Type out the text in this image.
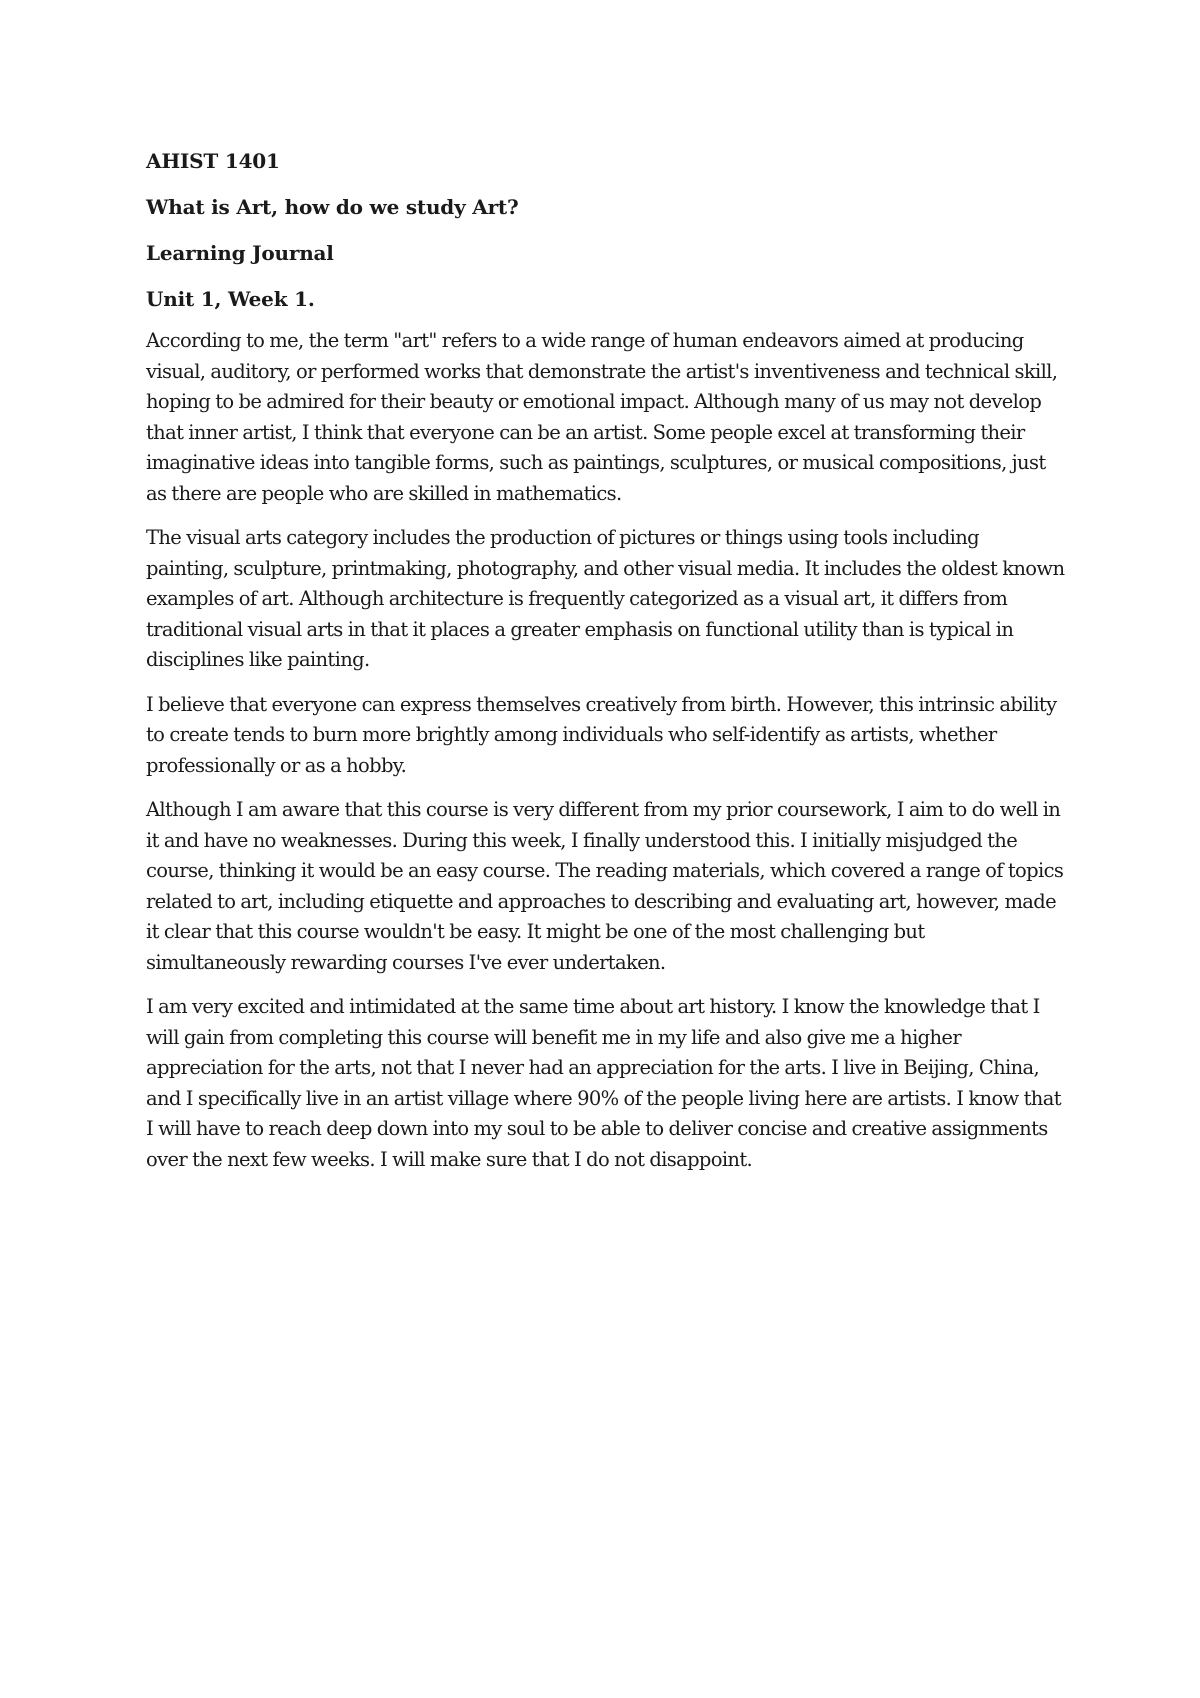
AHIST 1401

What is Art, how do we study Art?

Learning Journal

Unit 1, Week 1.

According to me, the term "art" refers to a wide range of human endeavors aimed at producing visual, auditory, or performed works that demonstrate the artist's inventiveness and technical skill, hoping to be admired for their beauty or emotional impact. Although many of us may not develop that inner artist, I think that everyone can be an artist. Some people excel at transforming their imaginative ideas into tangible forms, such as paintings, sculptures, or musical compositions, just as there are people who are skilled in mathematics.

The visual arts category includes the production of pictures or things using tools including painting, sculpture, printmaking, photography, and other visual media. It includes the oldest known examples of art. Although architecture is frequently categorized as a visual art, it differs from traditional visual arts in that it places a greater emphasis on functional utility than is typical in disciplines like painting.

I believe that everyone can express themselves creatively from birth. However, this intrinsic ability to create tends to burn more brightly among individuals who self-identify as artists, whether professionally or as a hobby.

Although I am aware that this course is very different from my prior coursework, I aim to do well in it and have no weaknesses. During this week, I finally understood this. I initially misjudged the course, thinking it would be an easy course. The reading materials, which covered a range of topics related to art, including etiquette and approaches to describing and evaluating art, however, made it clear that this course wouldn't be easy. It might be one of the most challenging but simultaneously rewarding courses I've ever undertaken.

I am very excited and intimidated at the same time about art history. I know the knowledge that I will gain from completing this course will benefit me in my life and also give me a higher appreciation for the arts, not that I never had an appreciation for the arts. I live in Beijing, China, and I specifically live in an artist village where 90% of the people living here are artists. I know that I will have to reach deep down into my soul to be able to deliver concise and creative assignments over the next few weeks. I will make sure that I do not disappoint.
